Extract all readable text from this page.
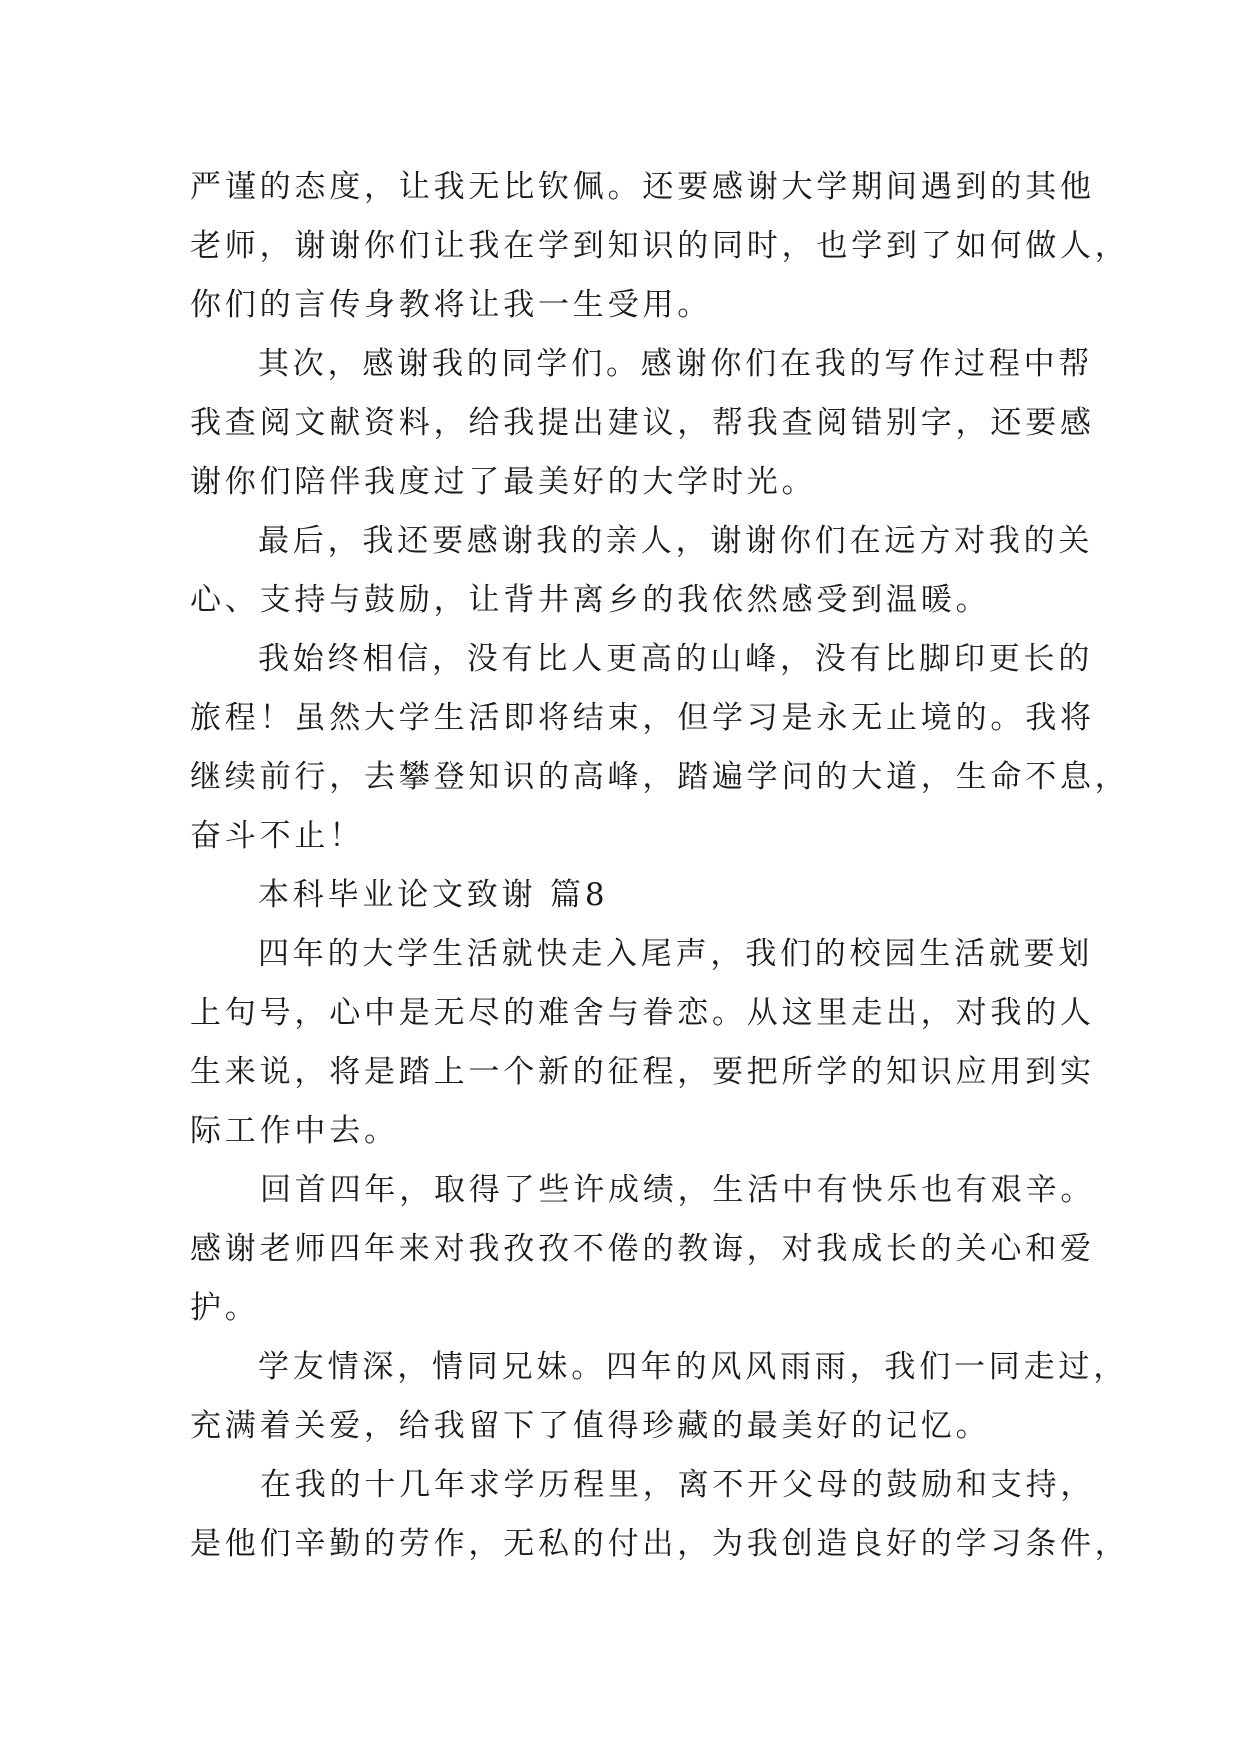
严谨的态度，让我无比钦佩。还要感谢大学期间遇到的其他
老师，谢谢你们让我在学到知识的同时，也学到了如何做人，
你们的言传身教将让我一生受用。
其次，感谢我的同学们。感谢你们在我的写作过程中帮
我查阅文献资料，给我提出建议，帮我查阅错别字，还要感
谢你们陪伴我度过了最美好的大学时光。
最后，我还要感谢我的亲人，谢谢你们在远方对我的关
心、支持与鼓励，让背井离乡的我依然感受到温暖。
我始终相信，没有比人更高的山峰，没有比脚印更长的
旅程！虽然大学生活即将结束，但学习是永无止境的。我将
继续前行，去攀登知识的高峰，踏遍学问的大道，生命不息，
奋斗不止！
本科毕业论文致谢 篇8
四年的大学生活就快走入尾声，我们的校园生活就要划
上句号，心中是无尽的难舍与眷恋。从这里走出，对我的人
生来说，将是踏上一个新的征程，要把所学的知识应用到实
际工作中去。
回首四年，取得了些许成绩，生活中有快乐也有艰辛。
感谢老师四年来对我孜孜不倦的教诲，对我成长的关心和爱
护。
学友情深，情同兄妹。四年的风风雨雨，我们一同走过，
充满着关爱，给我留下了值得珍藏的最美好的记忆。
在我的十几年求学历程里，离不开父母的鼓励和支持，
是他们辛勤的劳作，无私的付出，为我创造良好的学习条件，
